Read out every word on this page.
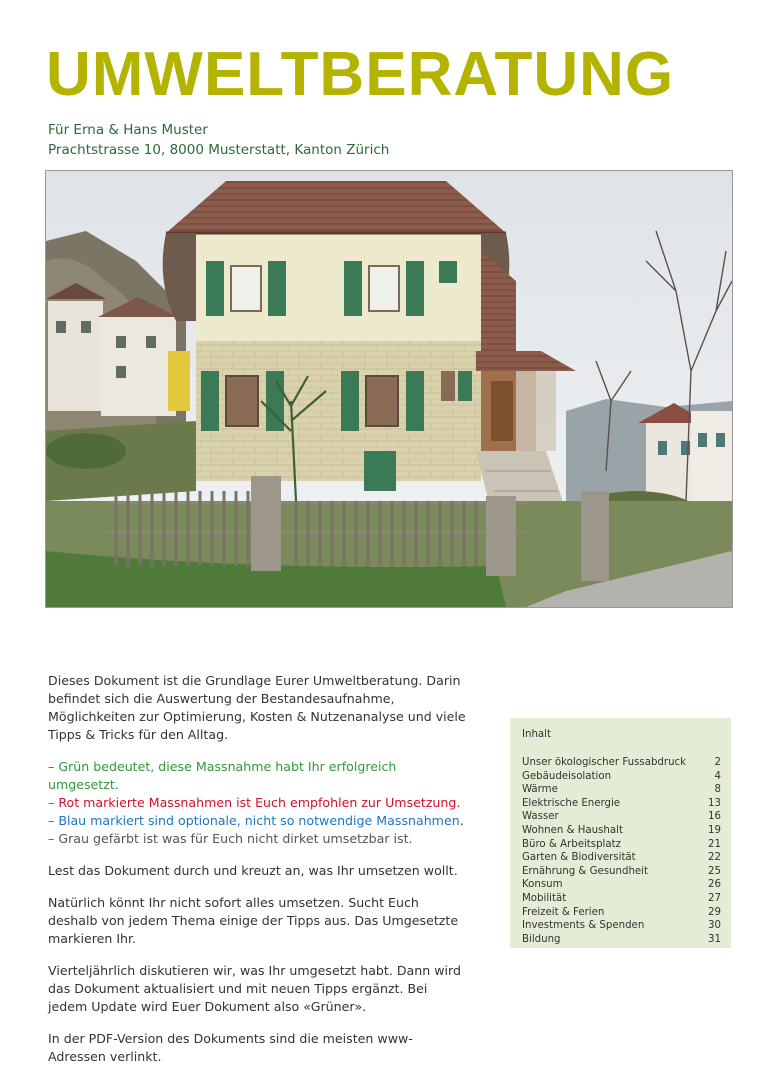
UMWELTBERATUNG
Für Erna & Hans Muster
Prachtstrasse 10, 8000 Musterstatt, Kanton Zürich

Dieses Dokument ist die Grundlage Eurer Umweltberatung. Darin befindet sich die Auswertung der Bestandesaufnahme, Möglichkeiten zur Optimierung, Kosten & Nutzenanalyse und viele Tipps & Tricks für den Alltag.

– Grün bedeutet, diese Massnahme habt Ihr erfolgreich umgesetzt.
– Rot markierte Massnahmen ist Euch empfohlen zur Umsetzung.
– Blau markiert sind optionale, nicht so notwendige Massnahmen.
– Grau gefärbt ist was für Euch nicht dirket umsetzbar ist.

Lest das Dokument durch und kreuzt an, was Ihr umsetzen wollt.

Natürlich könnt Ihr nicht sofort alles umsetzen. Sucht Euch deshalb von jedem Thema einige der Tipps aus. Das Umgesetzte markieren Ihr.

Vierteljährlich diskutieren wir, was Ihr umgesetzt habt. Dann wird das Dokument aktualisiert und mit neuen Tipps ergänzt. Bei jedem Update wird Euer Dokument also «Grüner».

In der PDF-Version des Dokuments sind die meisten www-Adressen verlinkt.

Inhalt
Unser ökologischer Fussabdruck	2
Gebäudeisolation	4
Wärme	8
Elektrische Energie	13
Wasser	16
Wohnen & Haushalt	19
Büro & Arbeitsplatz	21
Garten & Biodiversität	22
Ernährung & Gesundheit	25
Konsum	26
Mobilität	27
Freizeit & Ferien	29
Investments & Spenden	30
Bildung	31
